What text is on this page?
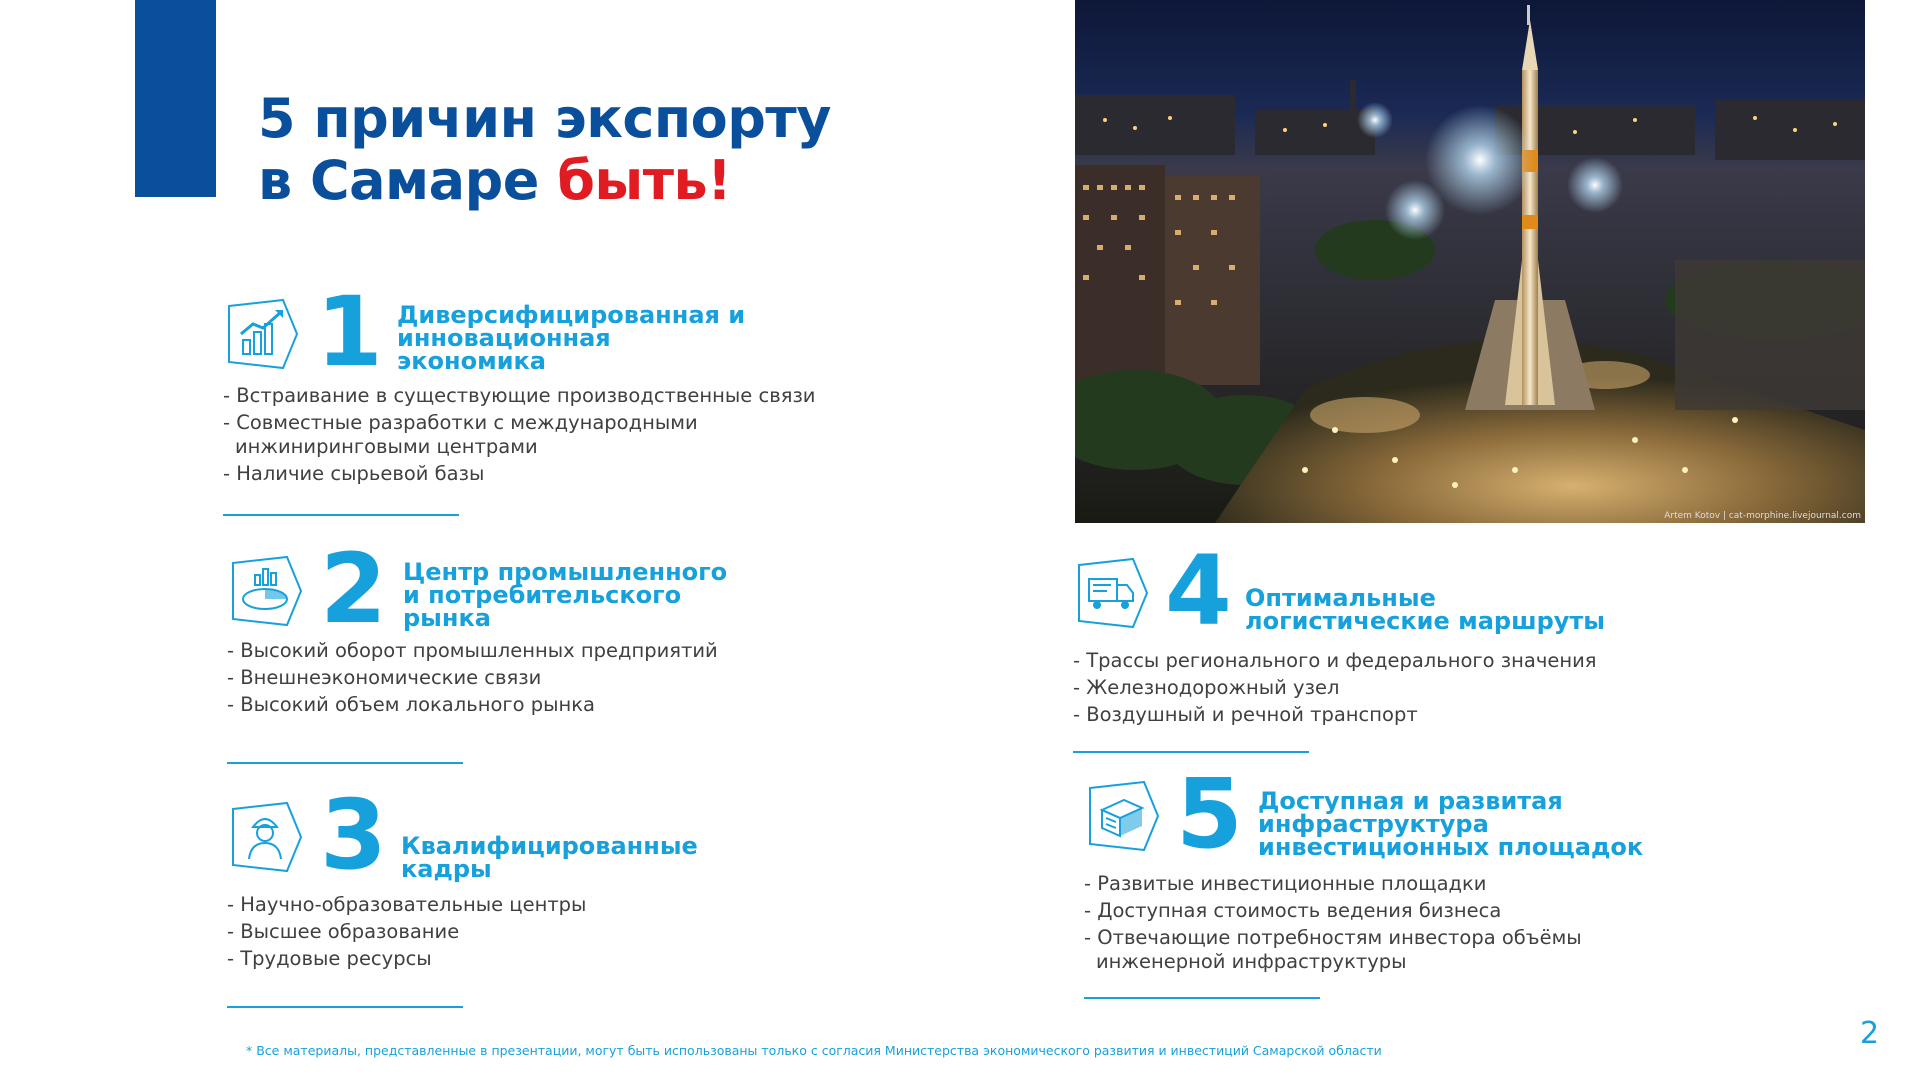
5 причин экспорту
в Самаре быть!
Artem Kotov | cat-morphine.livejournal.com
1 Диверсифицированная и
инновационная
экономика
- Встраивание в существующие производственные связи
- Совместные разработки с международными инжиниринговыми центрами
- Наличие сырьевой базы
2 Центр промышленного
и потребительского
рынка
- Высокий оборот промышленных предприятий
- Внешнеэкономические связи
- Высокий объем локального рынка
3 Квалифицированные
кадры
- Научно-образовательные центры
- Высшее образование
- Трудовые ресурсы
4 Оптимальные
логистические маршруты
- Трассы регионального и федерального значения
- Железнодорожный узел
- Воздушный и речной транспорт
5 Доступная и развитая
инфраструктура
инвестиционных площадок
- Развитые инвестиционные площадки
- Доступная стоимость ведения бизнеса
- Отвечающие потребностям инвестора объёмы инженерной инфраструктуры
* Все материалы, представленные в презентации, могут быть использованы только с согласия Министерства экономического развития и инвестиций Самарской области	2
